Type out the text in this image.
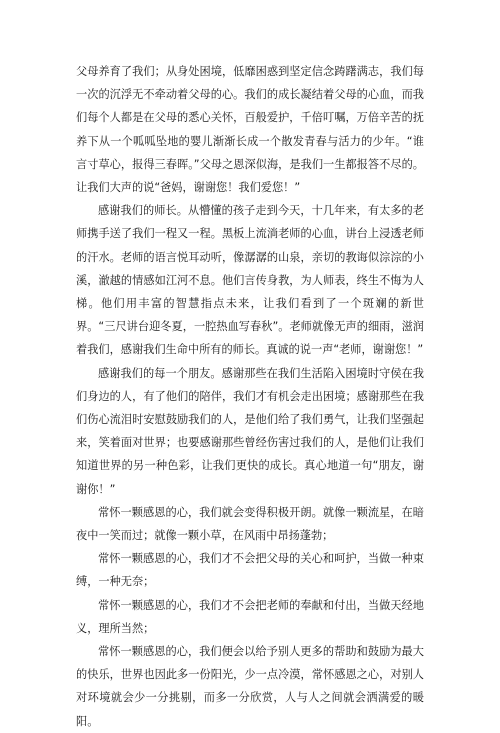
父母养育了我们；从身处困境，低靡困惑到坚定信念踌躇满志，我们每一次的沉浮无不牵动着父母的心。我们的成长凝结着父母的心血，而我们每个人都是在父母的悉心关怀，百般爱护，千倍叮嘱，万倍辛苦的抚养下从一个呱呱坠地的婴儿渐渐长成一个散发青春与活力的少年。“谁言寸草心，报得三春晖。”父母之恩深似海，是我们一生都报答不尽的。让我们大声的说“爸妈，谢谢您！我们爱您！”

感谢我们的师长。从懵懂的孩子走到今天，十几年来，有太多的老师携手送了我们一程又一程。黑板上流淌老师的心血，讲台上浸透老师的汗水。老师的语言悦耳动听，像潺潺的山泉，亲切的教诲似淙淙的小溪，澈越的情感如江河不息。他们言传身教，为人师表，终生不悔为人梯。他们用丰富的智慧指点未来，让我们看到了一个斑斓的新世界。“三尺讲台迎冬夏，一腔热血写春秋”。老师就像无声的细雨，滋润着我们，感谢我们生命中所有的师长。真诚的说一声“老师，谢谢您！”

感谢我们的每一个朋友。感谢那些在我们生活陷入困境时守侯在我们身边的人，有了他们的陪伴，我们才有机会走出困境；感谢那些在我们伤心流泪时安慰鼓励我们的人，是他们给了我们勇气，让我们坚强起来，笑着面对世界；也要感谢那些曾经伤害过我们的人，是他们让我们知道世界的另一种色彩，让我们更快的成长。真心地道一句“朋友，谢谢你！”

常怀一颗感恩的心，我们就会变得积极开朗。就像一颗流星，在暗夜中一笑而过；就像一颗小草，在风雨中昂扬蓬勃；

常怀一颗感恩的心，我们才不会把父母的关心和呵护，当做一种束缚，一种无奈；

常怀一颗感恩的心，我们才不会把老师的奉献和付出，当做天经地义，理所当然；

常怀一颗感恩的心，我们便会以给予别人更多的帮助和鼓励为最大的快乐，世界也因此多一份阳光，少一点冷漠，常怀感恩之心，对别人对环境就会少一分挑剔，而多一分欣赏，人与人之间就会洒满爱的暖阳。
